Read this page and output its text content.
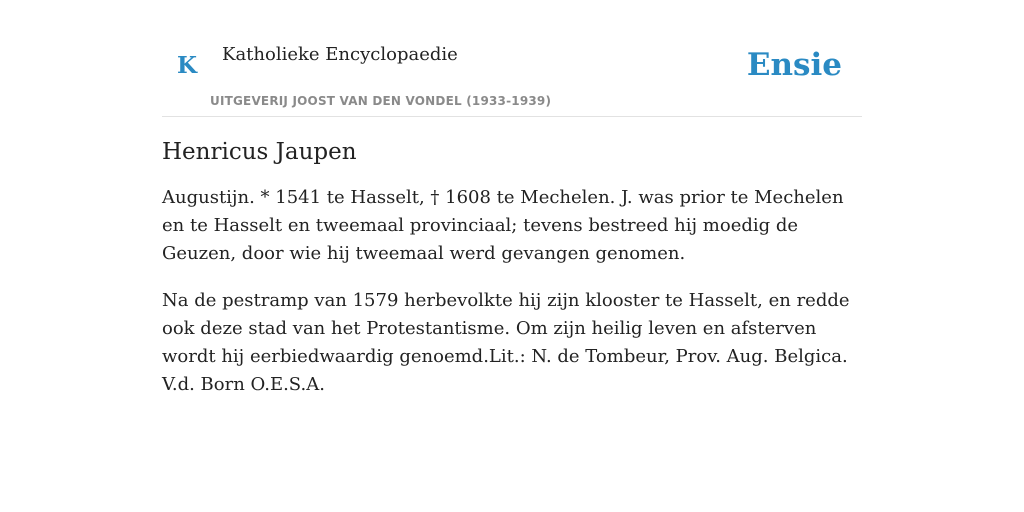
K Katholieke Encyclopaedie
UITGEVERIJ JOOST VAN DEN VONDEL (1933-1939)
Ensie
Henricus Jaupen

Augustijn. * 1541 te Hasselt, † 1608 te Mechelen. J. was prior te Mechelen en te Hasselt en tweemaal provinciaal; tevens bestreed hij moedig de Geuzen, door wie hij tweemaal werd gevangen genomen.

Na de pestramp van 1579 herbevolkte hij zijn klooster te Hasselt, en redde ook deze stad van het Protestantisme. Om zijn heilig leven en afsterven wordt hij eerbiedwaardig genoemd.Lit.: N. de Tombeur, Prov. Aug. Belgica. V.d. Born O.E.S.A.
